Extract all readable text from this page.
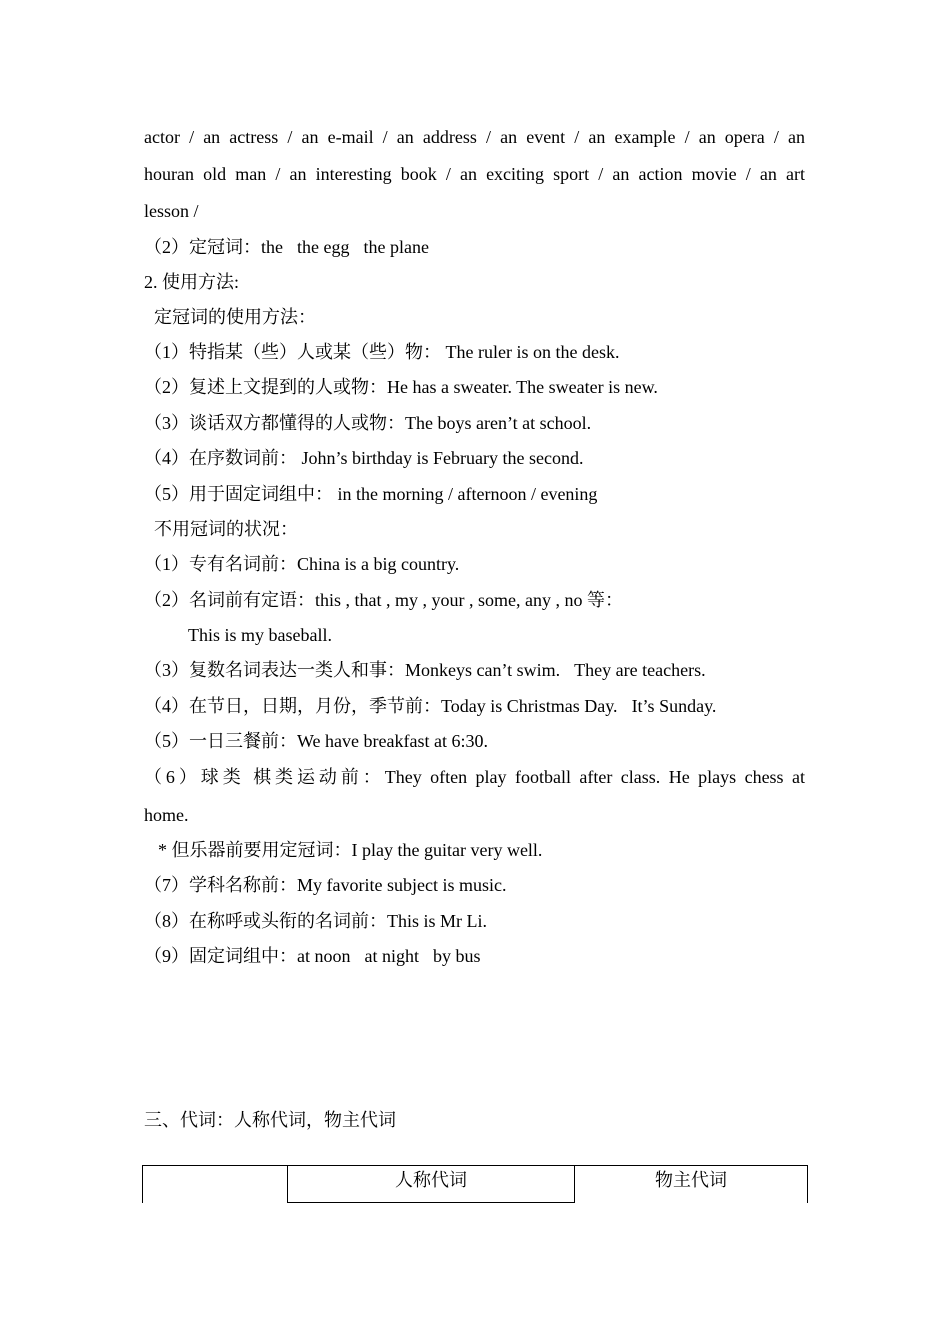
actor / an actress / an e-mail / an address / an event / an example / an opera / an
houran old man / an interesting book / an exciting sport / an action movie / an art
lesson /
（2）定冠词：the the egg the plane
2. 使用方法:
定冠词的使用方法：
（1）特指某（些）人或某（些）物： The ruler is on the desk.
（2）复述上文提到的人或物：He has a sweater. The sweater is new.
（3）谈话双方都懂得的人或物：The boys aren’t at school.
（4）在序数词前： John’s birthday is February the second.
（5）用于固定词组中： in the morning / afternoon / evening
不用冠词的状况：
（1）专有名词前：China is a big country.
（2）名词前有定语：this , that , my , your , some, any , no 等：
This is my baseball.
（3）复数名词表达一类人和事：Monkeys can’t swim. They are teachers.
（4）在节日，日期，月份，季节前：Today is Christmas Day. It’s Sunday.
（5）一日三餐前：We have breakfast at 6:30.
（6）球类 棋类运动前：They often play football after class. He plays chess at
home.
* 但乐器前要用定冠词：I play the guitar very well.
（7）学科名称前：My favorite subject is music.
（8）在称呼或头衔的名词前：This is Mr Li.
（9）固定词组中：at noon at night by bus
三、代词：人称代词，物主代词
人称代词	物主代词
